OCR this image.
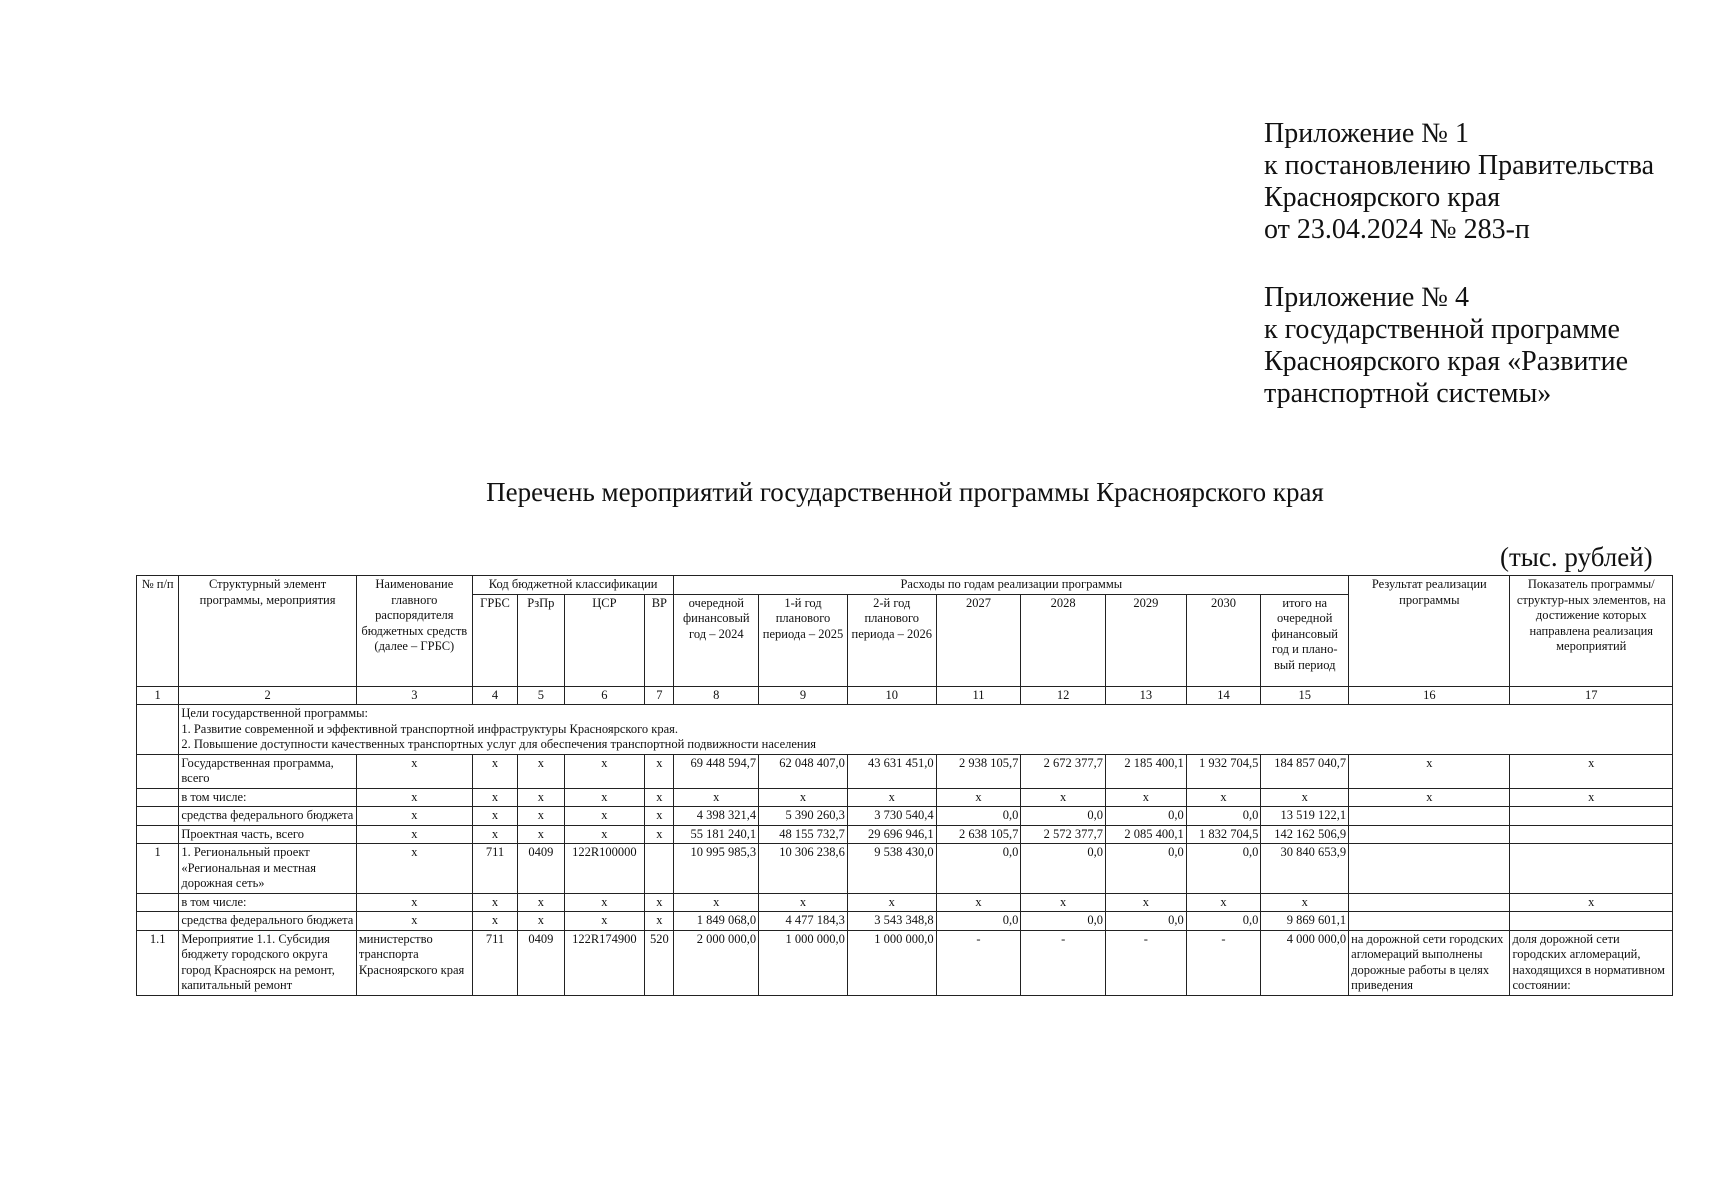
Приложение № 1
к постановлению Правительства
Красноярского края
от 23.04.2024 № 283-п
Приложение № 4
к государственной программе
Красноярского края «Развитие
транспортной системы»
Перечень мероприятий государственной программы Красноярского края
(тыс. рублей)
№ п/п	Структурный элемент программы, мероприятия	Наименование главного распорядителя бюджетных средств (далее – ГРБС)	Код бюджетной классификации				Расходы по годам реализации программы								Результат реализации программы	Показатель программы/структур-ных элементов, на достижение которых направлена реализация мероприятий
			ГРБС	РзПр	ЦСР	ВР	очередной финансовый год – 2024	1-й год планового периода – 2025	2-й год планового периода – 2026	2027	2028	2029	2030	итого на очередной финансовый год и плано-вый период		
1	2	3	4	5	6	7	8	9	10	11	12	13	14	15	16	17

	Цели государственной программы:
1. Развитие современной и эффективной транспортной инфраструктуры Красноярского края.
2. Повышение доступности качественных транспортных услуг для обеспечения транспортной подвижности населения															

	Государственная программа, всего	х	х	х	х	х	69 448 594,7	62 048 407,0	43 631 451,0	2 938 105,7	2 672 377,7	2 185 400,1	1 932 704,5	184 857 040,7	х	х
	в том числе:	х	х	х	х	х	х	х	х	х	х	х	х	х	х	х
	средства федерального бюджета	х	х	х	х	х	4 398 321,4	5 390 260,3	3 730 540,4	0,0	0,0	0,0	0,0	13 519 122,1		
	Проектная часть, всего	х	х	х	х	х	55 181 240,1	48 155 732,7	29 696 946,1	2 638 105,7	2 572 377,7	2 085 400,1	1 832 704,5	142 162 506,9		
1	1. Региональный проект «Региональная и местная дорожная сеть»	х	711	0409	122R100000		10 995 985,3	10 306 238,6	9 538 430,0	0,0	0,0	0,0	0,0	30 840 653,9		
	в том числе:	х	х	х	х	х	х	х	х	х	х	х	х	х		х
	средства федерального бюджета	х	х	х	х	х	1 849 068,0	4 477 184,3	3 543 348,8	0,0	0,0	0,0	0,0	9 869 601,1		
1.1	Мероприятие 1.1. Субсидия бюджету городского округа город Красноярск на ремонт, капитальный ремонт	министерство транспорта Красноярского края	711	0409	122R174900	520	2 000 000,0	1 000 000,0	1 000 000,0	-	-	-	-	4 000 000,0	на дорожной сети городских агломераций выполнены дорожные работы в целях приведения	доля дорожной сети городских агломераций, находящихся в нормативном состоянии:
